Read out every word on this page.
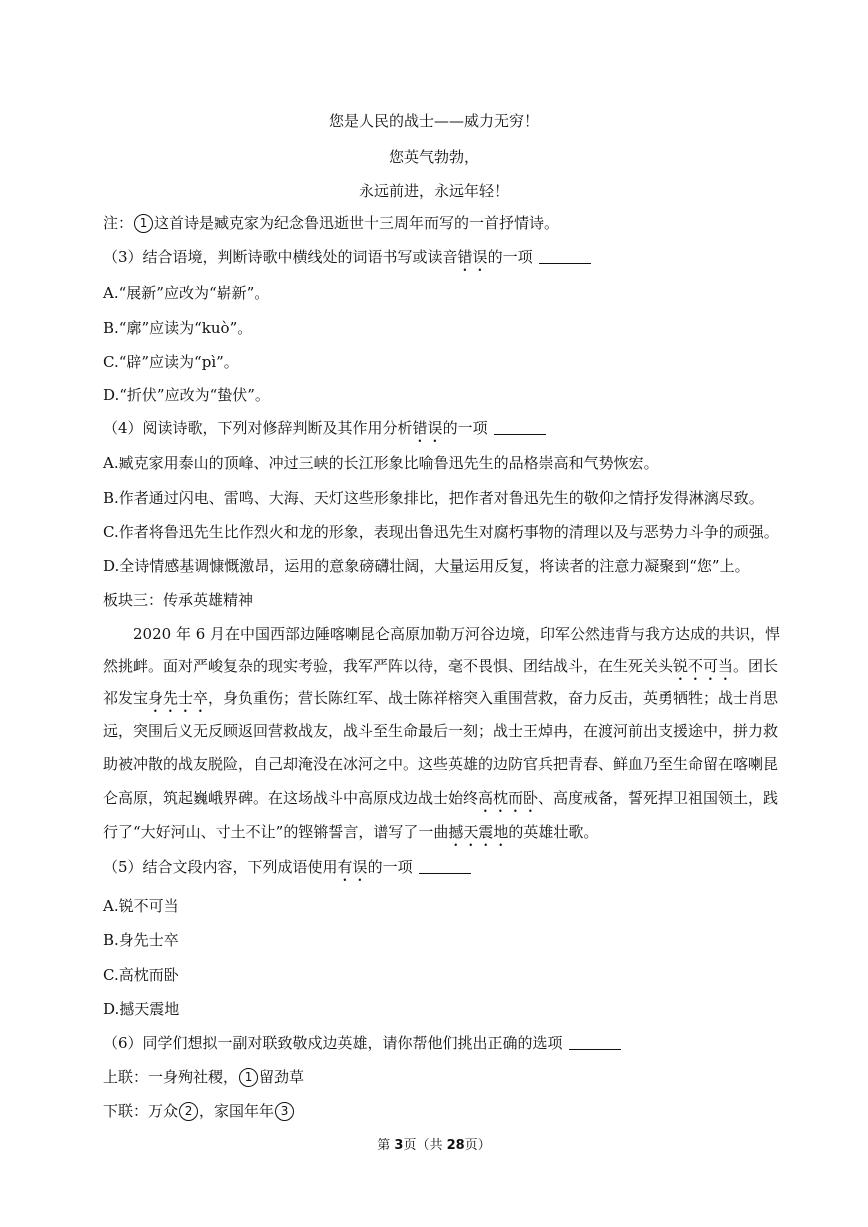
您是人民的战士——威力无穷！
您英气勃勃，
永远前进，永远年轻！
注： 1 这首诗是臧克家为纪念鲁迅逝世十三周年而写的一首抒情诗。
（3）结合语境，判断诗歌中横线处的词语书写或读音错误的一项
A.“展新”应改为“崭新”。
B.“廓”应读为“kuò”。
C.“辟”应读为“pì”。
D.“折伏”应改为“蛰伏”。
（4）阅读诗歌，下列对修辞判断及其作用分析错误的一项
A.臧克家用泰山的顶峰、冲过三峡的长江形象比喻鲁迅先生的品格崇高和气势恢宏。
B.作者通过闪电、雷鸣、大海、天灯这些形象排比，把作者对鲁迅先生的敬仰之情抒发得淋漓尽致。
C.作者将鲁迅先生比作烈火和龙的形象，表现出鲁迅先生对腐朽事物的清理以及与恶势力斗争的顽强。
D.全诗情感基调慷慨激昂，运用的意象磅礴壮阔，大量运用反复，将读者的注意力凝聚到“您”上。
板块三：传承英雄精神
2020 年 6 月在中国西部边陲喀喇昆仑高原加勒万河谷边境，印军公然违背与我方达成的共识，悍
然挑衅。面对严峻复杂的现实考验，我军严阵以待，毫不畏惧、团结战斗，在生死关头锐不可当。团长
祁发宝身先士卒，身负重伤；营长陈红军、战士陈祥榕突入重围营救，奋力反击，英勇牺牲；战士肖思
远，突围后义无反顾返回营救战友，战斗至生命最后一刻；战士王焯冉，在渡河前出支援途中，拼力救
助被冲散的战友脱险，自己却淹没在冰河之中。这些英雄的边防官兵把青春、鲜血乃至生命留在喀喇昆
仑高原，筑起巍峨界碑。在这场战斗中高原戍边战士始终高枕而卧、高度戒备，誓死捍卫祖国领土，践
行了“大好河山、寸土不让”的铿锵誓言，谱写了一曲撼天震地的英雄壮歌。
（5）结合文段内容，下列成语使用有误的一项
A.锐不可当
B.身先士卒
C.高枕而卧
D.撼天震地
（6）同学们想拟一副对联致敬戍边英雄，请你帮他们挑出正确的选项
上联：一身殉社稷， 1 留劲草
下联：万众 2 ，家国年年 3
第 3页（共 28页）
